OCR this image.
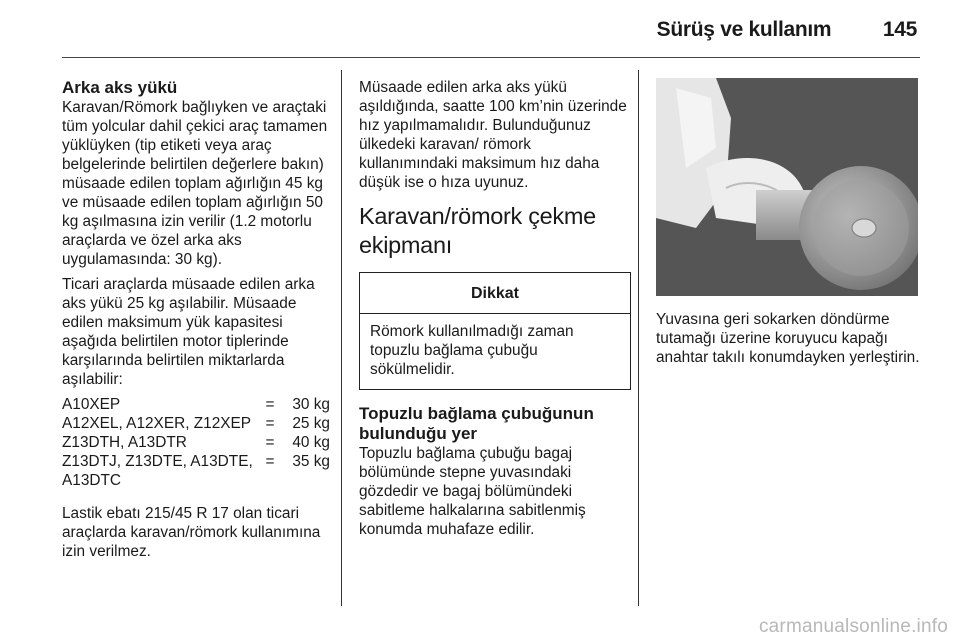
Sürüş ve kullanım 145
Arka aks yükü

Karavan/Römork bağlıyken ve araçtaki tüm yolcular dahil çekici araç tamamen yüklüyken (tip etiketi veya araç belgelerinde belirtilen değerlere bakın) müsaade edilen toplam ağırlığın 45 kg ve müsaade edilen toplam ağırlığın 50 kg aşılmasına izin verilir (1.2 motorlu araçlarda ve özel arka aks uygulamasında: 30 kg).

Ticari araçlarda müsaade edilen arka aks yükü 25 kg aşılabilir. Müsaade edilen maksimum yük kapasitesi aşağıda belirtilen motor tiplerinde karşılarında belirtilen miktarlarda aşılabilir:

A10XEP	=	30 kg
A12XEL, A12XER, Z12XEP =	25 kg
Z13DTH, A13DTR	=	40 kg
Z13DTJ, Z13DTE, A13DTE, A13DTC
=	35 kg

Lastik ebatı 215/45 R 17 olan ticari araçlarda karavan/römork kullanımına izin verilmez.

Müsaade edilen arka aks yükü aşıldığında, saatte 100 km’nin üzerinde hız yapılmamalıdır. Bulunduğunuz ülkedeki karavan/ römork kullanımındaki maksimum hız daha düşük ise o hıza uyunuz.

Karavan/römork çekme ekipmanı
Dikkat
Römork kullanılmadığı zaman topuzlu bağlama çubuğu sökülmelidir.
Topuzlu bağlama çubuğunun bulunduğu yer

Topuzlu bağlama çubuğu bagaj bölümünde stepne yuvasındaki gözdedir ve bagaj bölümündeki sabitleme halkalarına sabitlenmiş konumda muhafaze edilir.

Yuvasına geri sokarken döndürme tutamağı üzerine koruyucu kapağı anahtar takılı konumdayken yerleştirin.

carmanualsonline.info
